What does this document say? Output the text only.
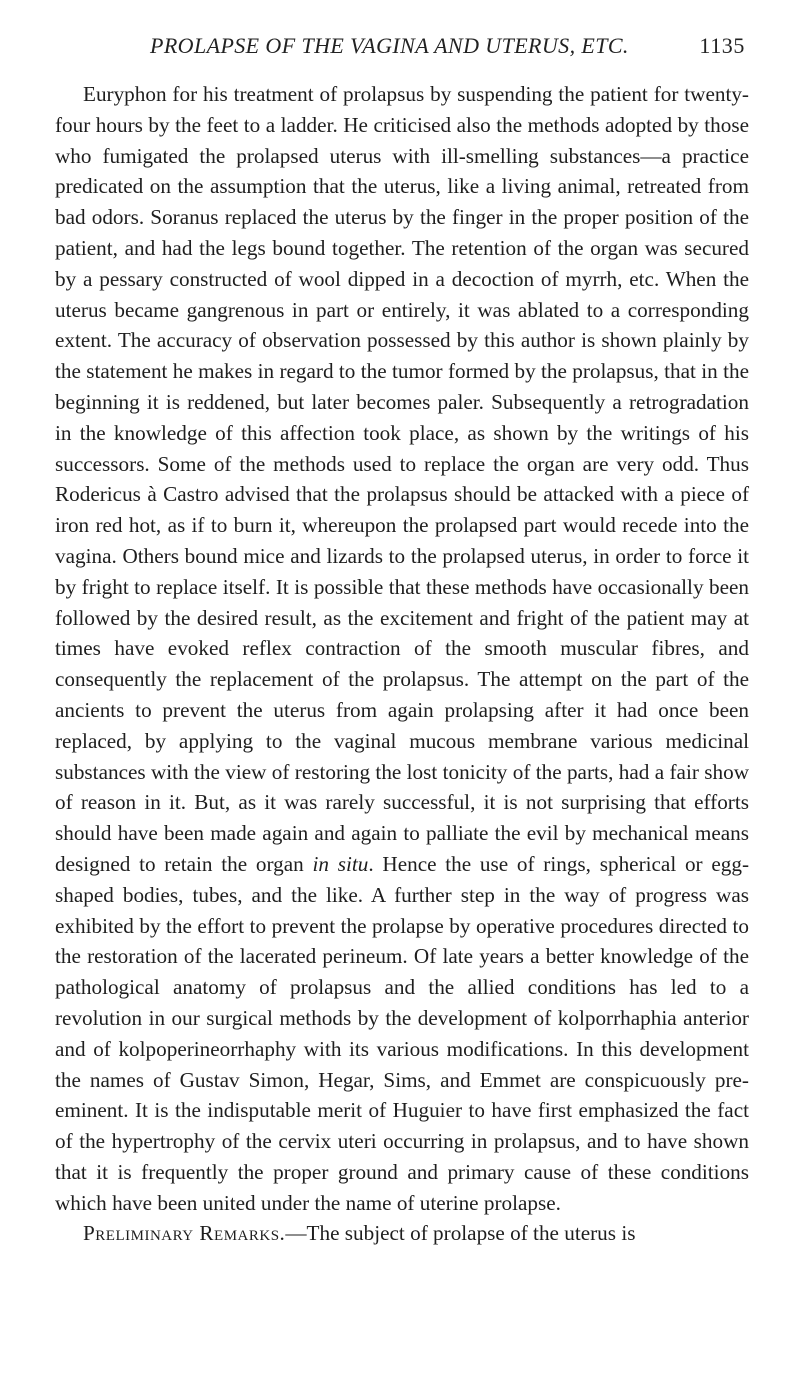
PROLAPSE OF THE VAGINA AND UTERUS, ETC.	1135

Euryphon for his treatment of prolapsus by suspending the patient for twenty-four hours by the feet to a ladder. He criticised also the methods adopted by those who fumigated the prolapsed uterus with ill-smelling substances—a practice predicated on the assumption that the uterus, like a living animal, retreated from bad odors. Soranus replaced the uterus by the finger in the proper position of the patient, and had the legs bound together. The retention of the organ was secured by a pessary constructed of wool dipped in a decoction of myrrh, etc. When the uterus became gangrenous in part or entirely, it was ablated to a corresponding extent. The accuracy of observation possessed by this author is shown plainly by the statement he makes in regard to the tumor formed by the prolapsus, that in the beginning it is reddened, but later becomes paler. Subsequently a retrogradation in the knowledge of this affection took place, as shown by the writings of his successors. Some of the methods used to replace the organ are very odd. Thus Rodericus à Castro advised that the prolapsus should be attacked with a piece of iron red hot, as if to burn it, whereupon the prolapsed part would recede into the vagina. Others bound mice and lizards to the prolapsed uterus, in order to force it by fright to replace itself. It is possible that these methods have occasionally been followed by the desired result, as the excitement and fright of the patient may at times have evoked reflex contraction of the smooth muscular fibres, and consequently the replacement of the prolapsus. The attempt on the part of the ancients to prevent the uterus from again prolapsing after it had once been replaced, by applying to the vaginal mucous membrane various medicinal substances with the view of restoring the lost tonicity of the parts, had a fair show of reason in it. But, as it was rarely successful, it is not surprising that efforts should have been made again and again to palliate the evil by mechanical means designed to retain the organ in situ. Hence the use of rings, spherical or egg-shaped bodies, tubes, and the like. A further step in the way of progress was exhibited by the effort to prevent the prolapse by operative procedures directed to the restoration of the lacerated perineum. Of late years a better knowledge of the pathological anatomy of prolapsus and the allied conditions has led to a revolution in our surgical methods by the development of kolporrhaphia anterior and of kolpoperineorrhaphy with its various modifications. In this development the names of Gustav Simon, Hegar, Sims, and Emmet are conspicuously pre-eminent. It is the indisputable merit of Huguier to have first emphasized the fact of the hypertrophy of the cervix uteri occurring in prolapsus, and to have shown that it is frequently the proper ground and primary cause of these conditions which have been united under the name of uterine prolapse.

Preliminary Remarks.—The subject of prolapse of the uterus is
